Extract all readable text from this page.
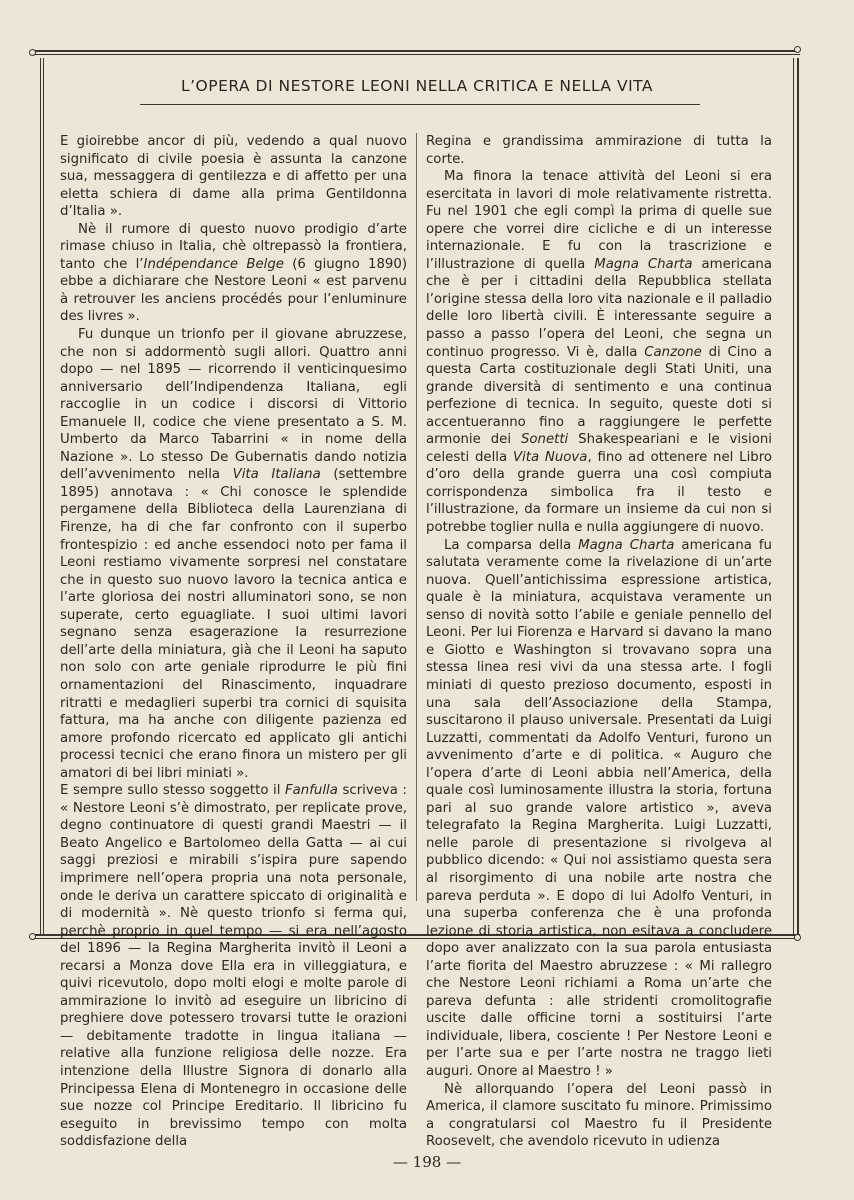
L’OPERA DI NESTORE LEONI NELLA CRITICA E NELLA VITA

E gioirebbe ancor di più, vedendo a qual nuovo significato di civile poesia è assunta la canzone sua, messaggera di gentilezza e di affetto per una eletta schiera di dame alla prima Gentildonna d’Italia ».

Nè il rumore di questo nuovo prodigio d’arte rimase chiuso in Italia, chè oltrepassò la frontiera, tanto che l’Indépendance Belge (6 giugno 1890) ebbe a dichiarare che Nestore Leoni « est parvenu à retrouver les anciens procédés pour l’enluminure des livres ».

Fu dunque un trionfo per il giovane abruzzese, che non si addormentò sugli allori. Quattro anni dopo — nel 1895 — ricorrendo il venticinquesimo anniversario dell’Indipendenza Italiana, egli raccoglie in un codice i discorsi di Vittorio Emanuele II, codice che viene presentato a S. M. Umberto da Marco Tabarrini « in nome della Nazione ». Lo stesso De Gubernatis dando notizia dell’avvenimento nella Vita Italiana (settembre 1895) annotava : « Chi conosce le splendide pergamene della Biblioteca della Laurenziana di Firenze, ha di che far confronto con il superbo frontespizio : ed anche essendoci noto per fama il Leoni restiamo vivamente sorpresi nel constatare che in questo suo nuovo lavoro la tecnica antica e l’arte gloriosa dei nostri alluminatori sono, se non superate, certo eguagliate. I suoi ultimi lavori segnano senza esagerazione la resurrezione dell’arte della miniatura, già che il Leoni ha saputo non solo con arte geniale riprodurre le più fini ornamentazioni del Rinascimento, inquadrare ritratti e medaglieri superbi tra cornici di squisita fattura, ma ha anche con diligente pazienza ed amore profondo ricercato ed applicato gli antichi processi tecnici che erano finora un mistero per gli amatori di bei libri miniati ».

E sempre sullo stesso soggetto il Fanfulla scriveva : « Nestore Leoni s’è dimostrato, per replicate prove, degno continuatore di questi grandi Maestri — il Beato Angelico e Bartolomeo della Gatta — ai cui saggi preziosi e mirabili s’ispira pure sapendo imprimere nell’opera propria una nota personale, onde le deriva un carattere spiccato di originalità e di modernità ». Nè questo trionfo si ferma qui, perchè proprio in quel tempo — si era nell’agosto del 1896 — la Regina Margherita invitò il Leoni a recarsi a Monza dove Ella era in villeggiatura, e quivi ricevutolo, dopo molti elogi e molte parole di ammirazione lo invitò ad eseguire un libricino di preghiere dove potessero trovarsi tutte le orazioni — debitamente tradotte in lingua italiana — relative alla funzione religiosa delle nozze. Era intenzione della Illustre Signora di donarlo alla Principessa Elena di Montenegro in occasione delle sue nozze col Principe Ereditario. Il libricino fu eseguito in brevissimo tempo con molta soddisfazione della

Regina e grandissima ammirazione di tutta la corte.

Ma finora la tenace attività del Leoni si era esercitata in lavori di mole relativamente ristretta. Fu nel 1901 che egli compì la prima di quelle sue opere che vorrei dire cicliche e di un interesse internazionale. E fu con la trascrizione e l’illustrazione di quella Magna Charta americana che è per i cittadini della Repubblica stellata l’origine stessa della loro vita nazionale e il palladio delle loro libertà civili. È interessante seguire a passo a passo l’opera del Leoni, che segna un continuo progresso. Vi è, dalla Canzone di Cino a questa Carta costituzionale degli Stati Uniti, una grande diversità di sentimento e una continua perfezione di tecnica. In seguito, queste doti si accentueranno fino a raggiungere le perfette armonie dei Sonetti Shakespeariani e le visioni celesti della Vita Nuova, fino ad ottenere nel Libro d’oro della grande guerra una così compiuta corrispondenza simbolica fra il testo e l’illustrazione, da formare un insieme da cui non si potrebbe toglier nulla e nulla aggiungere di nuovo.

La comparsa della Magna Charta americana fu salutata veramente come la rivelazione di un’arte nuova. Quell’antichissima espressione artistica, quale è la miniatura, acquistava veramente un senso di novità sotto l’abile e geniale pennello del Leoni. Per lui Fiorenza e Harvard si davano la mano e Giotto e Washington si trovavano sopra una stessa linea resi vivi da una stessa arte. I fogli miniati di questo prezioso documento, esposti in una sala dell’Associazione della Stampa, suscitarono il plauso universale. Presentati da Luigi Luzzatti, commentati da Adolfo Venturi, furono un avvenimento d’arte e di politica. « Auguro che l’opera d’arte di Leoni abbia nell’America, della quale così luminosamente illustra la storia, fortuna pari al suo grande valore artistico », aveva telegrafato la Regina Margherita. Luigi Luzzatti, nelle parole di presentazione si rivolgeva al pubblico dicendo: « Qui noi assistiamo questa sera al risorgimento di una nobile arte nostra che pareva perduta ». E dopo di lui Adolfo Venturi, in una superba conferenza che è una profonda lezione di storia artistica, non esitava a concludere dopo aver analizzato con la sua parola entusiasta l’arte fiorita del Maestro abruzzese : « Mi rallegro che Nestore Leoni richiami a Roma un’arte che pareva defunta : alle stridenti cromolitografie uscite dalle officine torni a sostituirsi l’arte individuale, libera, cosciente ! Per Nestore Leoni e per l’arte sua e per l’arte nostra ne traggo lieti auguri. Onore al Maestro ! »

Nè allorquando l’opera del Leoni passò in America, il clamore suscitato fu minore. Primissimo a congratularsi col Maestro fu il Presidente Roosevelt, che avendolo ricevuto in udienza

— 198 —
